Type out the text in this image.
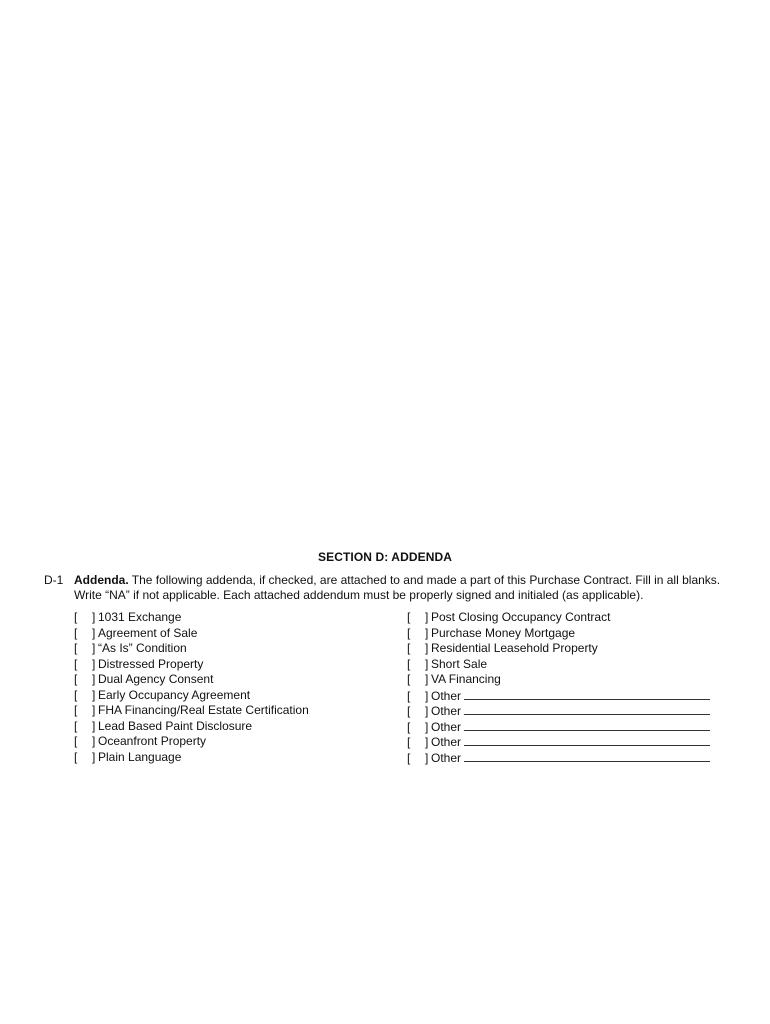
SECTION D: ADDENDA
D-1 Addenda. The following addenda, if checked, are attached to and made a part of this Purchase Contract. Fill in all blanks.
Write “NA” if not applicable. Each attached addendum must be properly signed and initialed (as applicable).
[ ] 1031 Exchange
[ ] Agreement of Sale
[ ] “As Is” Condition
[ ] Distressed Property
[ ] Dual Agency Consent
[ ] Early Occupancy Agreement
[ ] FHA Financing/Real Estate Certification
[ ] Lead Based Paint Disclosure
[ ] Oceanfront Property
[ ] Plain Language
[ ] Post Closing Occupancy Contract
[ ] Purchase Money Mortgage
[ ] Residential Leasehold Property
[ ] Short Sale
[ ] VA Financing
[ ] Other
[ ] Other
[ ] Other
[ ] Other
[ ] Other
